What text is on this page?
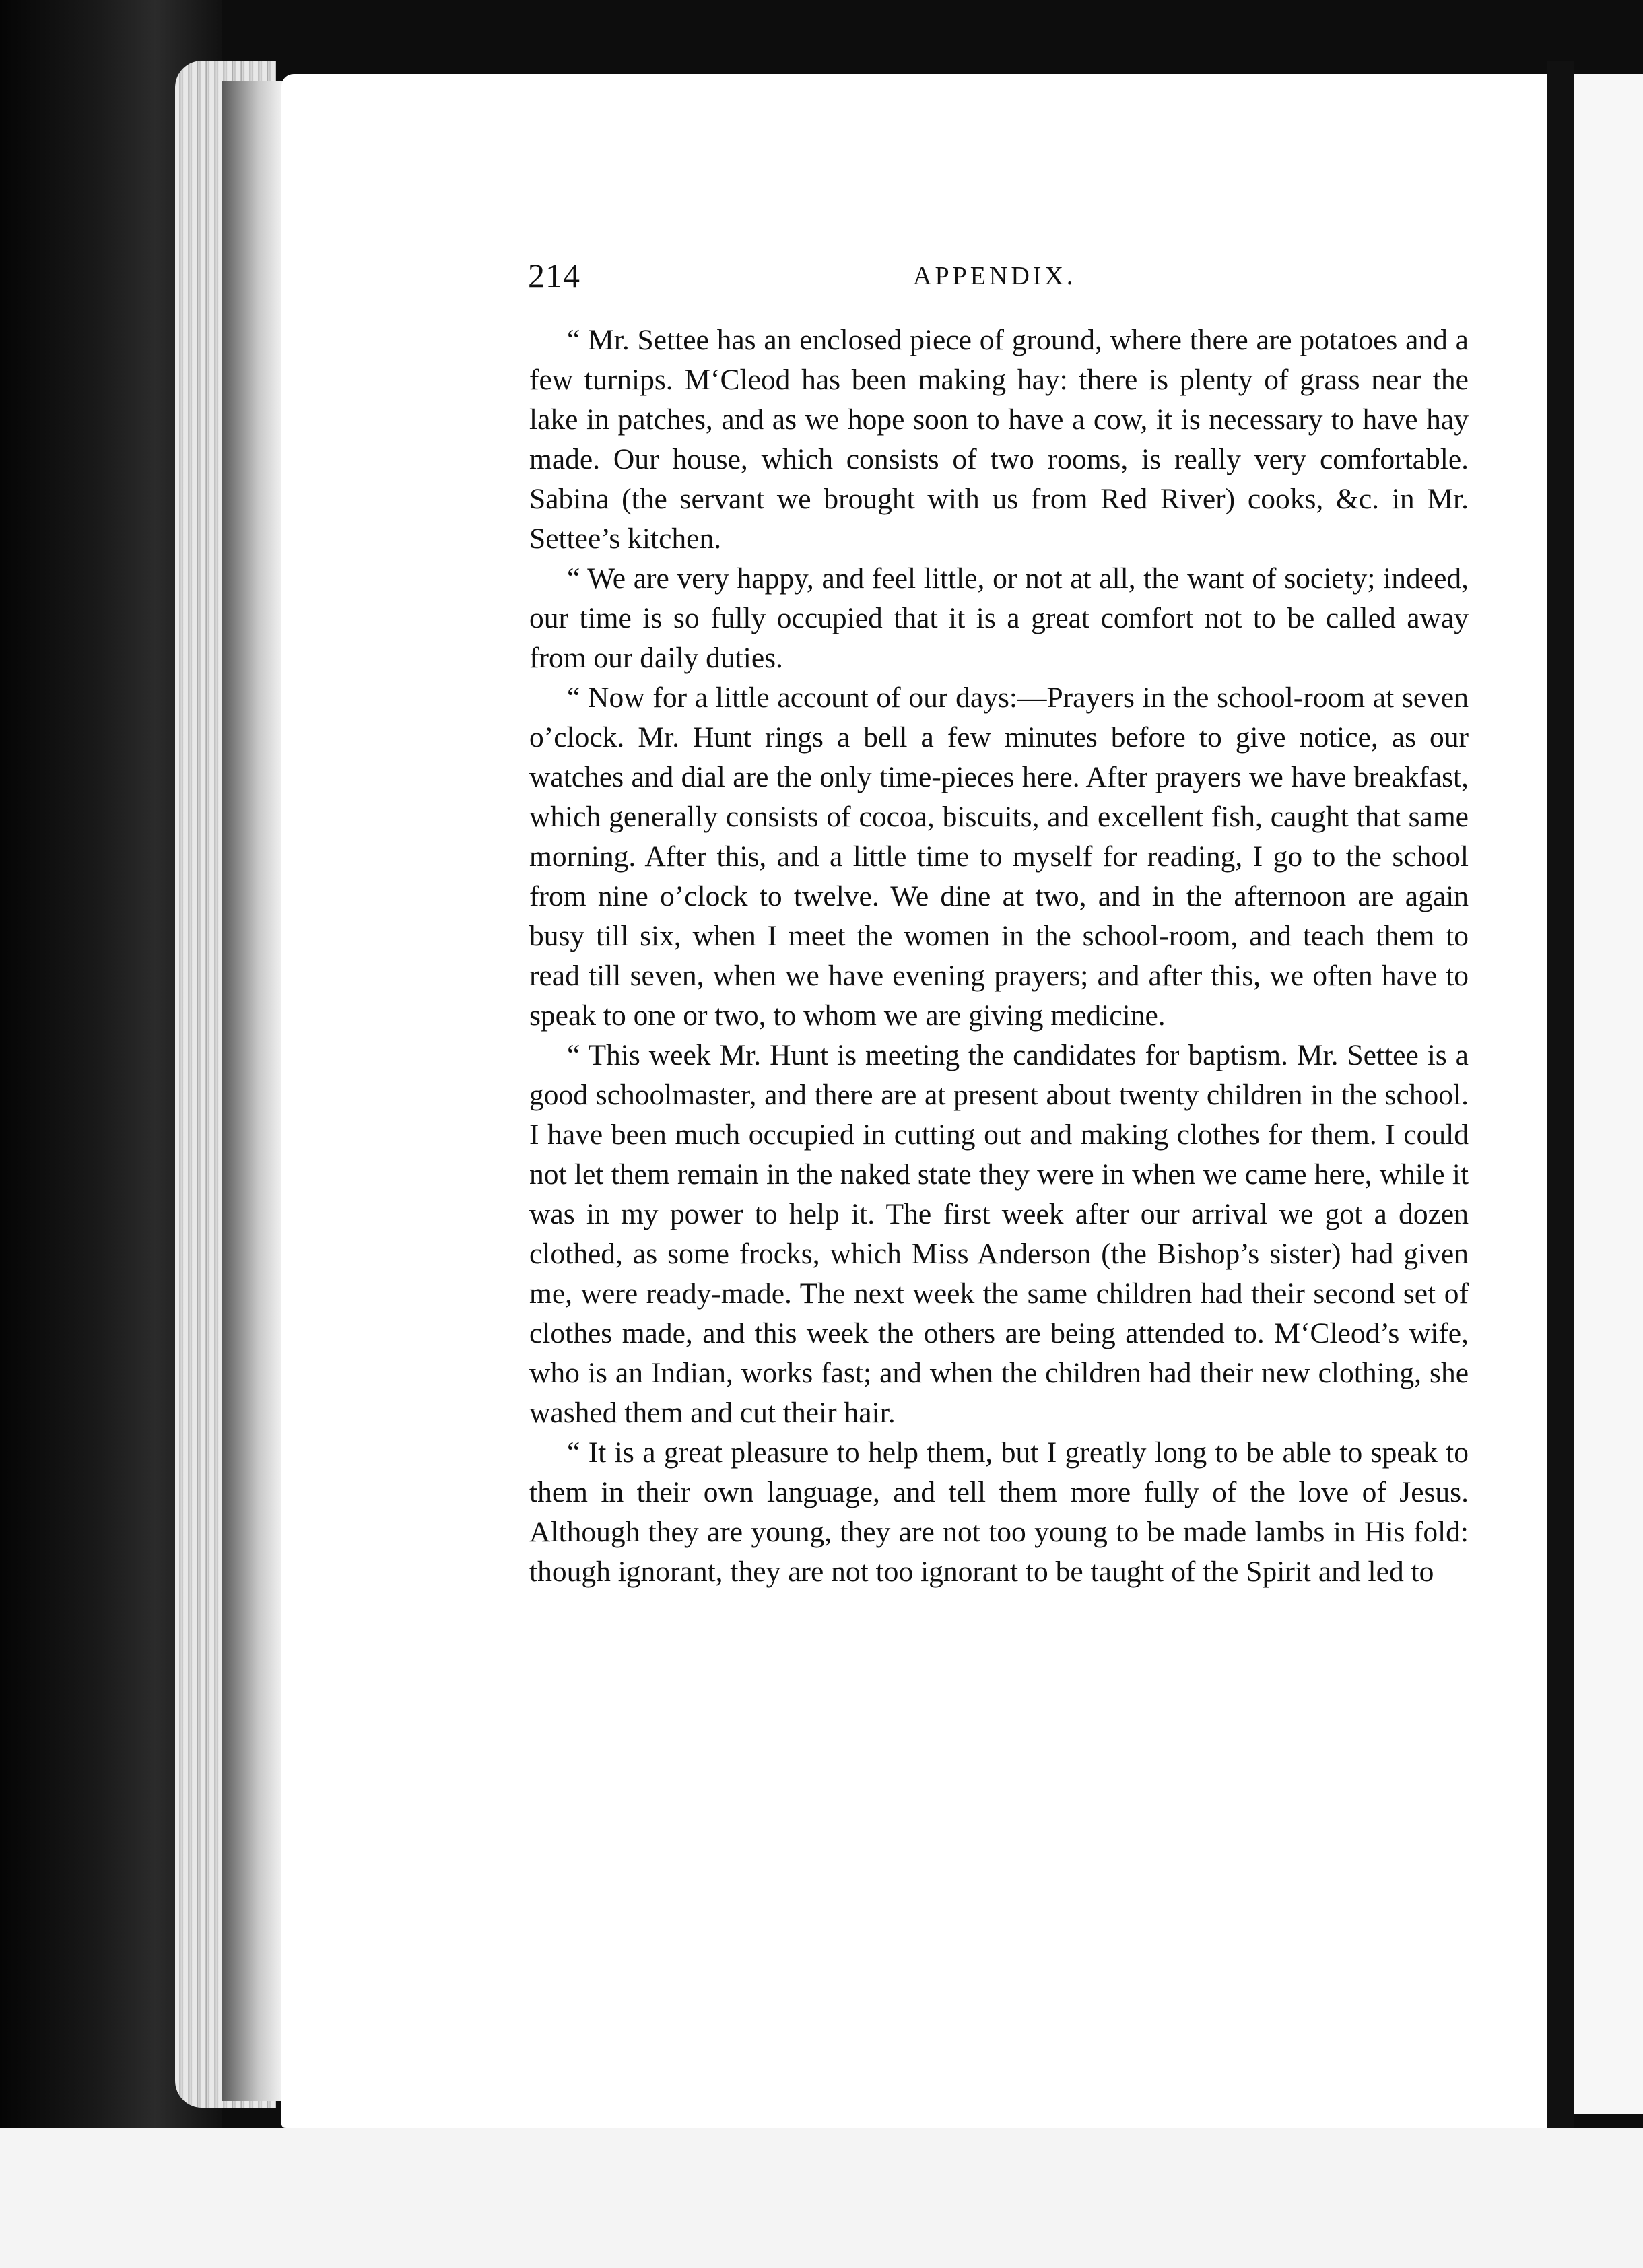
214	APPENDIX.

“ Mr. Settee has an enclosed piece of ground, where there are potatoes and a few turnips. M‘Cleod has been making hay: there is plenty of grass near the lake in patches, and as we hope soon to have a cow, it is necessary to have hay made. Our house, which consists of two rooms, is really very comfortable. Sabina (the servant we brought with us from Red River) cooks, &c. in Mr. Settee’s kitchen.

“ We are very happy, and feel little, or not at all, the want of society; indeed, our time is so fully occupied that it is a great comfort not to be called away from our daily duties.

“ Now for a little account of our days:—Prayers in the school-room at seven o’clock. Mr. Hunt rings a bell a few minutes before to give notice, as our watches and dial are the only time-pieces here. After prayers we have breakfast, which generally consists of cocoa, biscuits, and excellent fish, caught that same morning. After this, and a little time to myself for reading, I go to the school from nine o’clock to twelve. We dine at two, and in the afternoon are again busy till six, when I meet the women in the school-room, and teach them to read till seven, when we have evening prayers; and after this, we often have to speak to one or two, to whom we are giving medicine.

“ This week Mr. Hunt is meeting the candidates for baptism. Mr. Settee is a good schoolmaster, and there are at present about twenty children in the school. I have been much occupied in cutting out and making clothes for them. I could not let them remain in the naked state they were in when we came here, while it was in my power to help it. The first week after our arrival we got a dozen clothed, as some frocks, which Miss Anderson (the Bishop’s sister) had given me, were ready-made. The next week the same children had their second set of clothes made, and this week the others are being attended to. M‘Cleod’s wife, who is an Indian, works fast; and when the children had their new clothing, she washed them and cut their hair.

“ It is a great pleasure to help them, but I greatly long to be able to speak to them in their own language, and tell them more fully of the love of Jesus. Although they are young, they are not too young to be made lambs in His fold: though ignorant, they are not too ignorant to be taught of the Spirit and led to
